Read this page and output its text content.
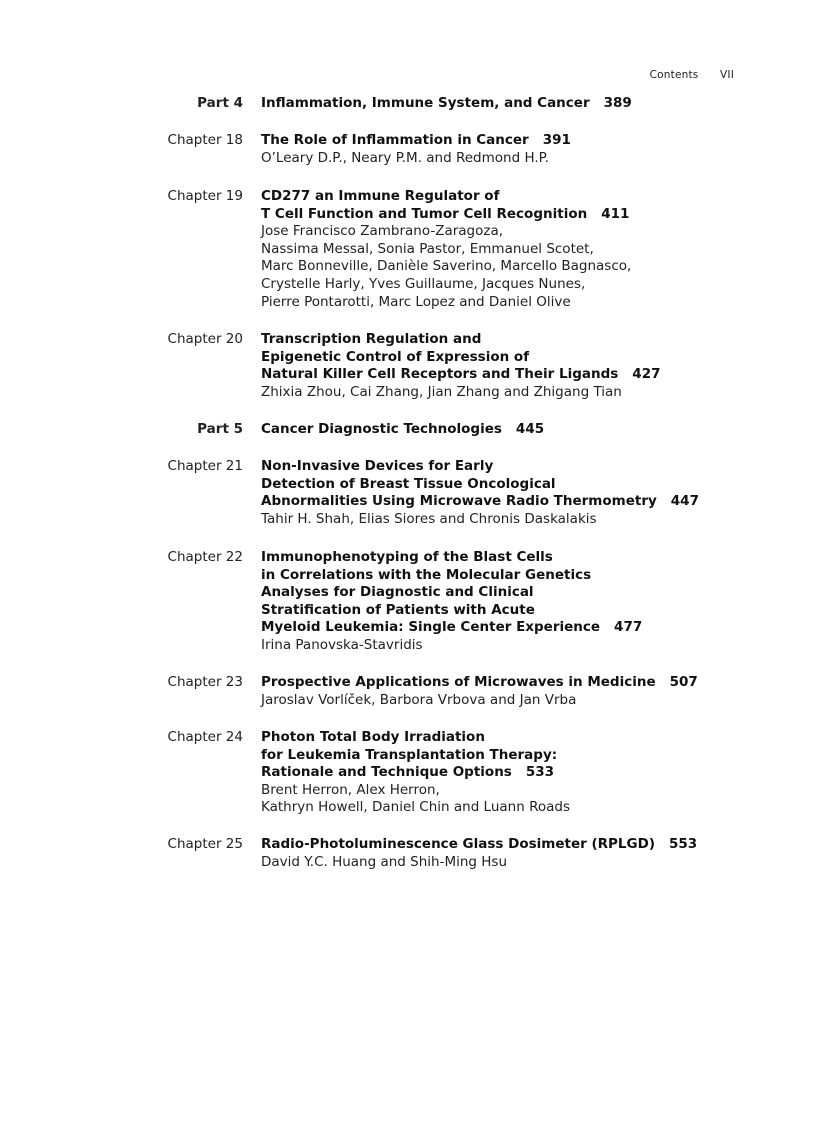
Contents VII
Part 4 Inflammation, Immune System, and Cancer 389
Chapter 18 The Role of Inflammation in Cancer 391
O’Leary D.P., Neary P.M. and Redmond H.P.
Chapter 19 CD277 an Immune Regulator of
T Cell Function and Tumor Cell Recognition 411
Jose Francisco Zambrano-Zaragoza,
Nassima Messal, Sonia Pastor, Emmanuel Scotet,
Marc Bonneville, Danièle Saverino, Marcello Bagnasco,
Crystelle Harly, Yves Guillaume, Jacques Nunes,
Pierre Pontarotti, Marc Lopez and Daniel Olive
Chapter 20 Transcription Regulation and
Epigenetic Control of Expression of
Natural Killer Cell Receptors and Their Ligands 427
Zhixia Zhou, Cai Zhang, Jian Zhang and Zhigang Tian
Part 5 Cancer Diagnostic Technologies 445
Chapter 21 Non-Invasive Devices for Early
Detection of Breast Tissue Oncological
Abnormalities Using Microwave Radio Thermometry 447
Tahir H. Shah, Elias Siores and Chronis Daskalakis
Chapter 22 Immunophenotyping of the Blast Cells
in Correlations with the Molecular Genetics
Analyses for Diagnostic and Clinical
Stratification of Patients with Acute
Myeloid Leukemia: Single Center Experience 477
Irina Panovska-Stavridis
Chapter 23 Prospective Applications of Microwaves in Medicine 507
Jaroslav Vorlíček, Barbora Vrbova and Jan Vrba
Chapter 24 Photon Total Body Irradiation
for Leukemia Transplantation Therapy:
Rationale and Technique Options 533
Brent Herron, Alex Herron,
Kathryn Howell, Daniel Chin and Luann Roads
Chapter 25 Radio-Photoluminescence Glass Dosimeter (RPLGD) 553
David Y.C. Huang and Shih-Ming Hsu
